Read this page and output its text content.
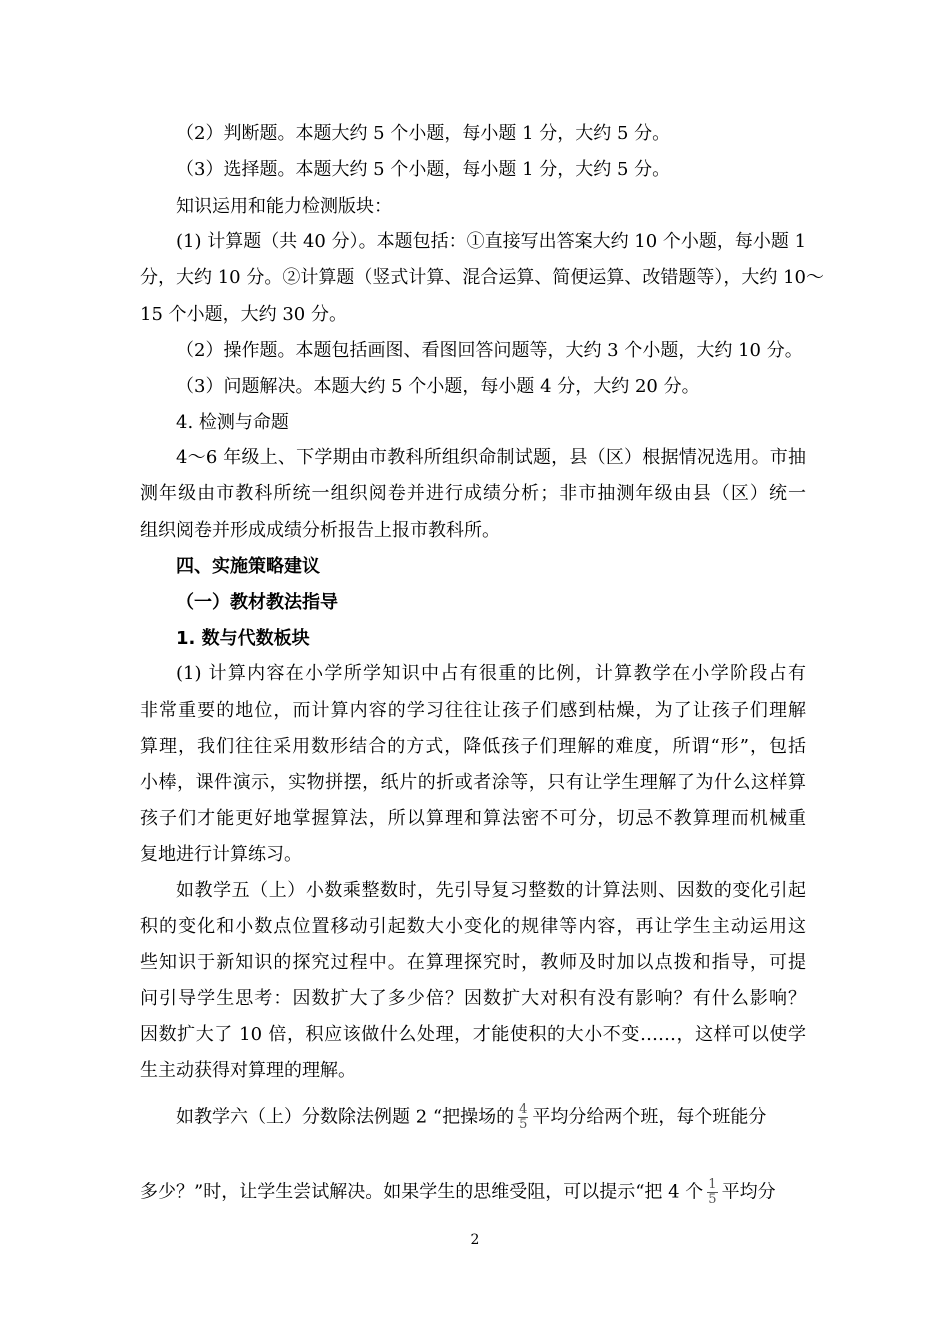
（2）判断题。本题大约 5 个小题，每小题 1 分，大约 5 分。
（3）选择题。本题大约 5 个小题，每小题 1 分，大约 5 分。
知识运用和能力检测版块：
(1) 计算题（共 40 分）。本题包括：①直接写出答案大约 10 个小题，每小题 1
分，大约 10 分。②计算题（竖式计算、混合运算、简便运算、改错题等），大约 10～
15 个小题，大约 30 分。
（2）操作题。本题包括画图、看图回答问题等，大约 3 个小题，大约 10 分。
（3）问题解决。本题大约 5 个小题，每小题 4 分，大约 20 分。
4. 检测与命题
4～6 年级上、下学期由市教科所组织命制试题，县（区）根据情况选用。市抽
测年级由市教科所统一组织阅卷并进行成绩分析；非市抽测年级由县（区）统一
组织阅卷并形成成绩分析报告上报市教科所。
四、实施策略建议
（一）教材教法指导
1. 数与代数板块
(1) 计算内容在小学所学知识中占有很重的比例，计算教学在小学阶段占有
非常重要的地位，而计算内容的学习往往让孩子们感到枯燥，为了让孩子们理解
算理，我们往往采用数形结合的方式，降低孩子们理解的难度，所谓“形”，包括
小棒，课件演示，实物拼摆，纸片的折或者涂等，只有让学生理解了为什么这样算
孩子们才能更好地掌握算法，所以算理和算法密不可分，切忌不教算理而机械重
复地进行计算练习。
如教学五（上）小数乘整数时，先引导复习整数的计算法则、因数的变化引起
积的变化和小数点位置移动引起数大小变化的规律等内容，再让学生主动运用这
些知识于新知识的探究过程中。在算理探究时，教师及时加以点拨和指导，可提
问引导学生思考：因数扩大了多少倍？因数扩大对积有没有影响？有什么影响？
因数扩大了 10 倍，积应该做什么处理，才能使积的大小不变……，这样可以使学
生主动获得对算理的理解。
如教学六（上）分数除法例题 2 “把操场的 $\frac{4}{5}$ 平均分给两个班，每个班能分
多少？”时，让学生尝试解决。如果学生的思维受阻，可以提示“把 4 个 $\frac{1}{5}$ 平均分
2
